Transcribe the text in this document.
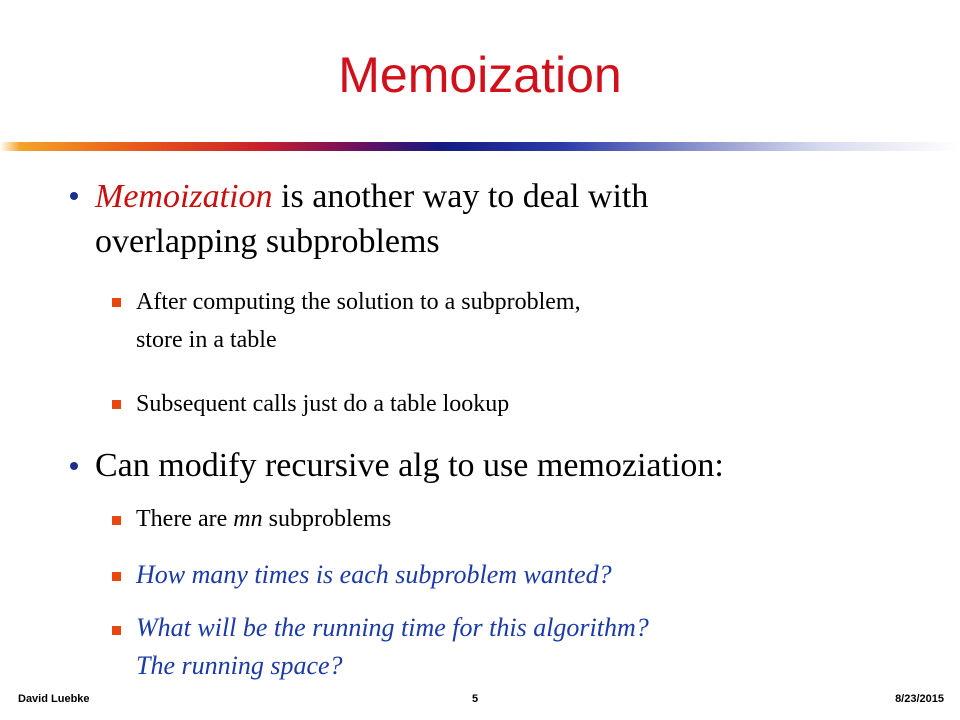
Memoization

Memoization is another way to deal with
overlapping subproblems

After computing the solution to a subproblem,
store in a table

Subsequent calls just do a table lookup

Can modify recursive alg to use memoziation:

There are mn subproblems

How many times is each subproblem wanted?

What will be the running time for this algorithm?
The running space?

David Luebke	5	8/23/2015
